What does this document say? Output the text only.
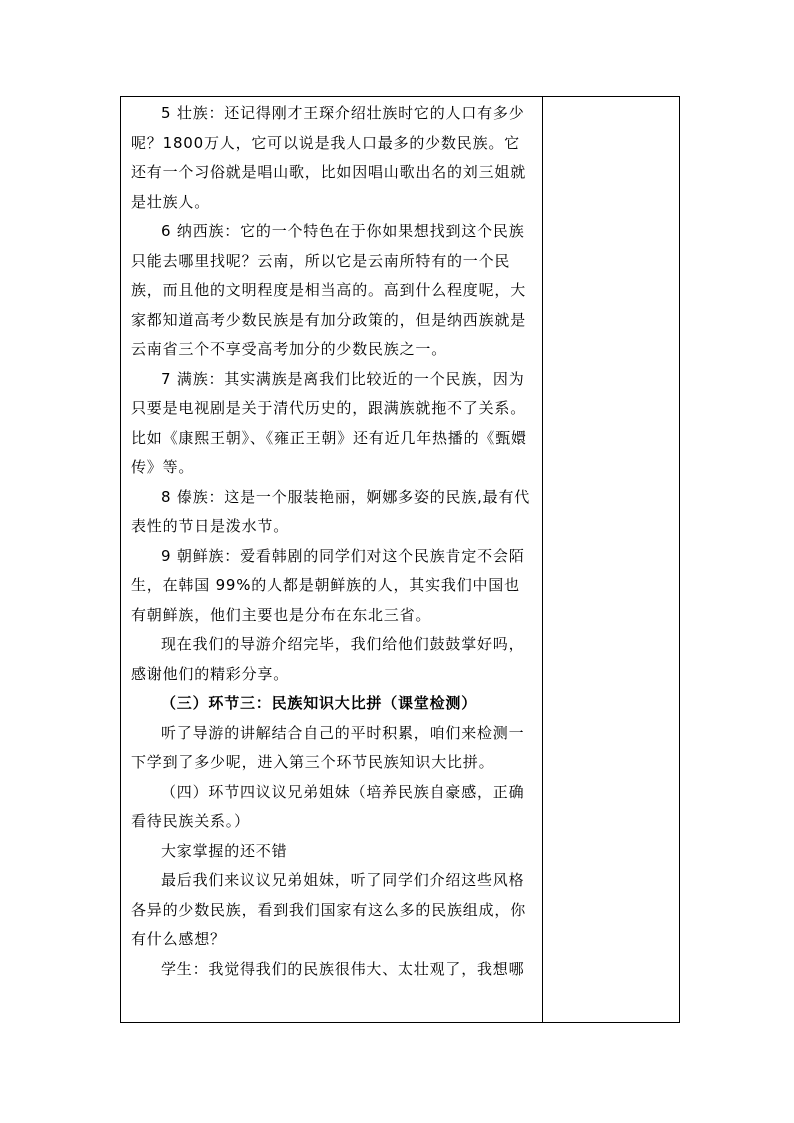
5 壮族：还记得刚才王琛介绍壮族时它的人口有多少呢？1800万人，它可以说是我人口最多的少数民族。它还有一个习俗就是唱山歌，比如因唱山歌出名的刘三姐就是壮族人。

6 纳西族：它的一个特色在于你如果想找到这个民族只能去哪里找呢？云南，所以它是云南所特有的一个民族，而且他的文明程度是相当高的。高到什么程度呢，大家都知道高考少数民族是有加分政策的，但是纳西族就是云南省三个不享受高考加分的少数民族之一。

7 满族：其实满族是离我们比较近的一个民族，因为只要是电视剧是关于清代历史的，跟满族就拖不了关系。比如《康熙王朝》、《雍正王朝》还有近几年热播的《甄嬛传》等。

8 傣族：这是一个服装艳丽，婀娜多姿的民族,最有代表性的节日是泼水节。

9 朝鲜族：爱看韩剧的同学们对这个民族肯定不会陌生，在韩国 99%的人都是朝鲜族的人，其实我们中国也有朝鲜族，他们主要也是分布在东北三省。

现在我们的导游介绍完毕，我们给他们鼓鼓掌好吗，感谢他们的精彩分享。

（三）环节三：民族知识大比拼（课堂检测）

听了导游的讲解结合自己的平时积累，咱们来检测一下学到了多少呢，进入第三个环节民族知识大比拼。

（四）环节四议议兄弟姐妹（培养民族自豪感，正确看待民族关系。）

大家掌握的还不错

最后我们来议议兄弟姐妹，听了同学们介绍这些风格各异的少数民族，看到我们国家有这么多的民族组成，你有什么感想？

学生：我觉得我们的民族很伟大、太壮观了，我想哪
